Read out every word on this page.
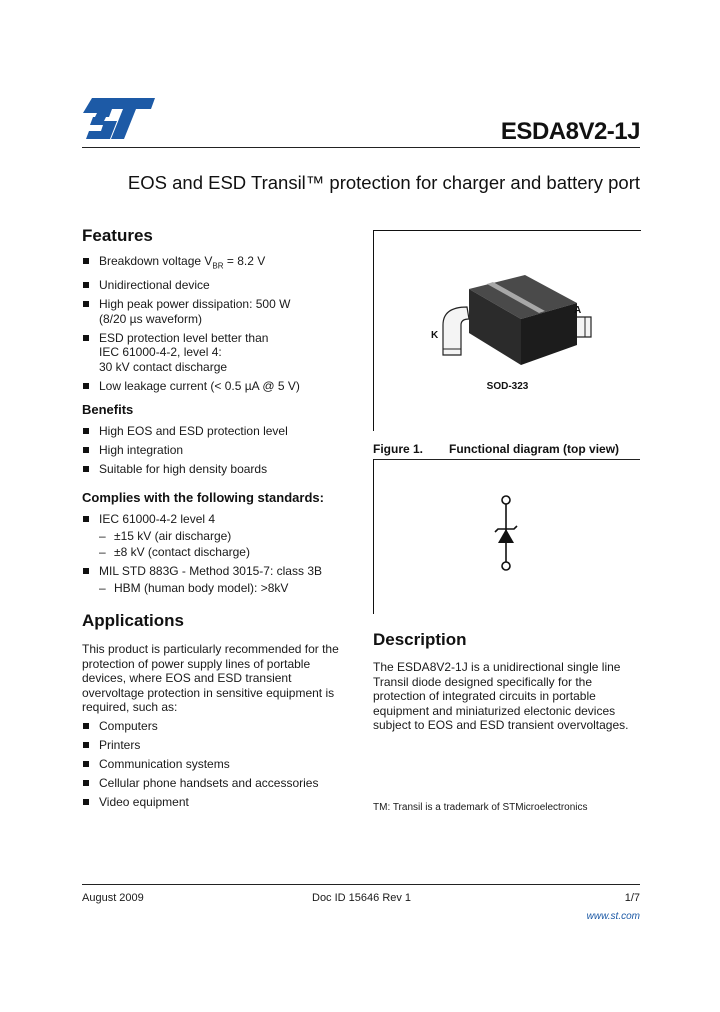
ESDA8V2-1J
EOS and ESD Transil™ protection for charger and battery port
Features
Breakdown voltage $V_{BR} = 8.2$ V
Unidirectional device
High peak power dissipation: 500 W
(8/20 µs waveform)
ESD protection level better than
IEC 61000-4-2, level 4:
30 kV contact discharge
Low leakage current (< 0.5 µA @ 5 V)
Benefits
High EOS and ESD protection level
High integration
Suitable for high density boards
Complies with the following standards:
IEC 61000-4-2 level 4
– ±15 kV (air discharge)
– ±8 kV (contact discharge)
MIL STD 883G - Method 3015-7: class 3B
– HBM (human body model): >8kV
Applications

This product is particularly recommended for the
protection of power supply lines of portable
devices, where EOS and ESD transient
overvoltage protection in sensitive equipment is
required, such as:

Computers
Printers
Communication systems
Cellular phone handsets and accessories
Video equipment
K
A
SOD-323
Figure 1. Functional diagram (top view)
Description

The ESDA8V2-1J is a unidirectional single line
Transil diode designed specifically for the
protection of integrated circuits in portable
equipment and miniaturized electonic devices
subject to EOS and ESD transient overvoltages.

TM: Transil is a trademark of STMicroelectronics
August 2009	Doc ID 15646 Rev 1	1/7
www.st.com
